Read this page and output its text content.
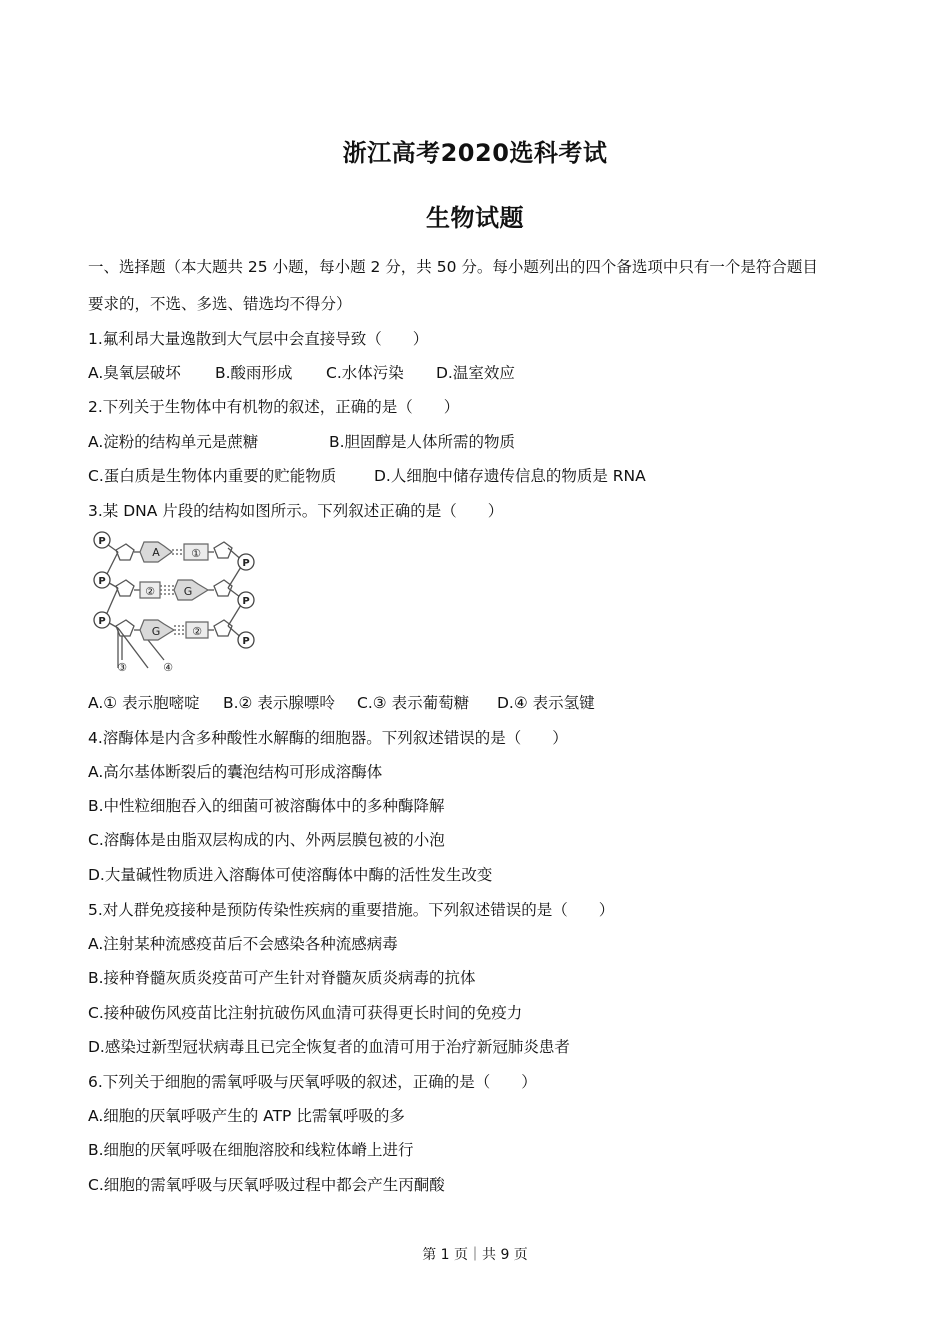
浙江高考2020选科考试
生物试题
一、选择题（本大题共 25 小题，每小题 2 分，共 50 分。每小题列出的四个备选项中只有一个是符合题目
要求的，不选、多选、错选均不得分）
1.氟利昂大量逸散到大气层中会直接导致（　　）
A.臭氧层破坏 B.酸雨形成 C.水体污染 D.温室效应
2.下列关于生物体中有机物的叙述，正确的是（　　）
A.淀粉的结构单元是蔗糖	B.胆固醇是人体所需的物质
C.蛋白质是生物体内重要的贮能物质 D.人细胞中储存遗传信息的物质是 RNA
3.某 DNA 片段的结构如图所示。下列叙述正确的是（　　）
A	①
②	G
G	②
③	④
P
P
P
P
P
P
A.① 表示胞嘧啶 B.② 表示腺嘌呤 C.③ 表示葡萄糖 D.④ 表示氢键
4.溶酶体是内含多种酸性水解酶的细胞器。下列叙述错误的是（　　）
A.高尔基体断裂后的囊泡结构可形成溶酶体
B.中性粒细胞吞入的细菌可被溶酶体中的多种酶降解
C.溶酶体是由脂双层构成的内、外两层膜包被的小泡
D.大量碱性物质进入溶酶体可使溶酶体中酶的活性发生改变
5.对人群免疫接种是预防传染性疾病的重要措施。下列叙述错误的是（　　）
A.注射某种流感疫苗后不会感染各种流感病毒
B.接种脊髓灰质炎疫苗可产生针对脊髓灰质炎病毒的抗体
C.接种破伤风疫苗比注射抗破伤风血清可获得更长时间的免疫力
D.感染过新型冠状病毒且已完全恢复者的血清可用于治疗新冠肺炎患者
6.下列关于细胞的需氧呼吸与厌氧呼吸的叙述，正确的是（　　）
A.细胞的厌氧呼吸产生的 ATP 比需氧呼吸的多
B.细胞的厌氧呼吸在细胞溶胶和线粒体嵴上进行
C.细胞的需氧呼吸与厌氧呼吸过程中都会产生丙酮酸
第 1 页｜共 9 页
